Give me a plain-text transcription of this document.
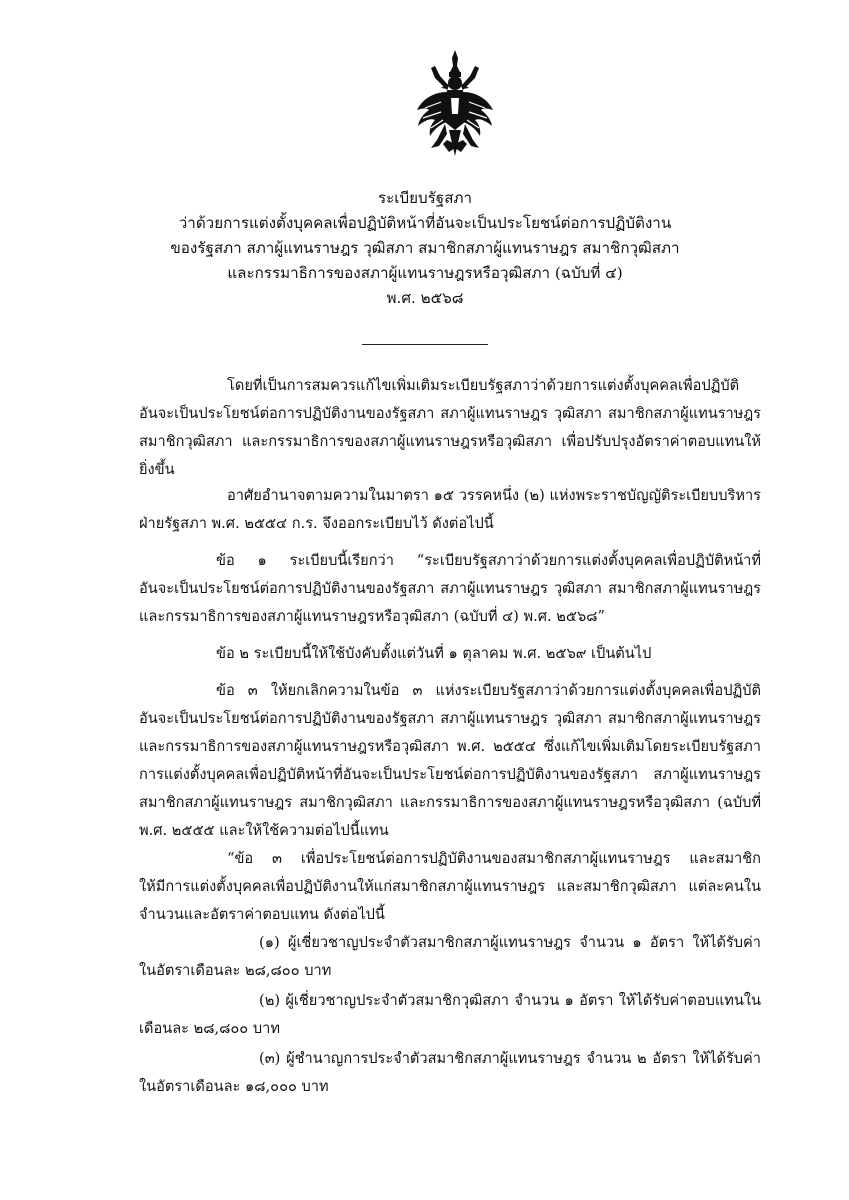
ระเบียบรัฐสภา
ว่าด้วยการแต่งตั้งบุคคลเพื่อปฏิบัติหน้าที่อันจะเป็นประโยชน์ต่อการปฏิบัติงาน
ของรัฐสภา สภาผู้แทนราษฎร วุฒิสภา สมาชิกสภาผู้แทนราษฎร สมาชิกวุฒิสภา
และกรรมาธิการของสภาผู้แทนราษฎรหรือวุฒิสภา (ฉบับที่ ๔)
พ.ศ. ๒๕๖๘
โดยที่เป็นการสมควรแก้ไขเพิ่มเติมระเบียบรัฐสภาว่าด้วยการแต่งตั้งบุคคลเพื่อปฏิบัติ
อันจะเป็นประโยชน์ต่อการปฏิบัติงานของรัฐสภา สภาผู้แทนราษฎร วุฒิสภา สมาชิกสภาผู้แทนราษฎร
สมาชิกวุฒิสภา และกรรมาธิการของสภาผู้แทนราษฎรหรือวุฒิสภา เพื่อปรับปรุงอัตราค่าตอบแทนให้
ยิ่งขึ้น
อาศัยอำนาจตามความในมาตรา ๑๕ วรรคหนึ่ง (๒) แห่งพระราชบัญญัติระเบียบบริหาร
ฝ่ายรัฐสภา พ.ศ. ๒๕๕๔ ก.ร. จึงออกระเบียบไว้ ดังต่อไปนี้
ข้อ ๑ ระเบียบนี้เรียกว่า “ระเบียบรัฐสภาว่าด้วยการแต่งตั้งบุคคลเพื่อปฏิบัติหน้าที่
อันจะเป็นประโยชน์ต่อการปฏิบัติงานของรัฐสภา สภาผู้แทนราษฎร วุฒิสภา สมาชิกสภาผู้แทนราษฎร
และกรรมาธิการของสภาผู้แทนราษฎรหรือวุฒิสภา (ฉบับที่ ๔) พ.ศ. ๒๕๖๘”
ข้อ ๒ ระเบียบนี้ให้ใช้บังคับตั้งแต่วันที่ ๑ ตุลาคม พ.ศ. ๒๕๖๙ เป็นต้นไป
ข้อ ๓ ให้ยกเลิกความในข้อ ๓ แห่งระเบียบรัฐสภาว่าด้วยการแต่งตั้งบุคคลเพื่อปฏิบัติ
อันจะเป็นประโยชน์ต่อการปฏิบัติงานของรัฐสภา สภาผู้แทนราษฎร วุฒิสภา สมาชิกสภาผู้แทนราษฎร
และกรรมาธิการของสภาผู้แทนราษฎรหรือวุฒิสภา พ.ศ. ๒๕๕๔ ซึ่งแก้ไขเพิ่มเติมโดยระเบียบรัฐสภา
การแต่งตั้งบุคคลเพื่อปฏิบัติหน้าที่อันจะเป็นประโยชน์ต่อการปฏิบัติงานของรัฐสภา สภาผู้แทนราษฎร
สมาชิกสภาผู้แทนราษฎร สมาชิกวุฒิสภา และกรรมาธิการของสภาผู้แทนราษฎรหรือวุฒิสภา (ฉบับที่
พ.ศ. ๒๕๕๕ และให้ใช้ความต่อไปนี้แทน
“ข้อ ๓ เพื่อประโยชน์ต่อการปฏิบัติงานของสมาชิกสภาผู้แทนราษฎร และสมาชิก
ให้มีการแต่งตั้งบุคคลเพื่อปฏิบัติงานให้แก่สมาชิกสภาผู้แทนราษฎร และสมาชิกวุฒิสภา แต่ละคนใน
จำนวนและอัตราค่าตอบแทน ดังต่อไปนี้
(๑) ผู้เชี่ยวชาญประจำตัวสมาชิกสภาผู้แทนราษฎร จำนวน ๑ อัตรา ให้ได้รับค่า
ในอัตราเดือนละ ๒๘,๘๐๐ บาท
(๒) ผู้เชี่ยวชาญประจำตัวสมาชิกวุฒิสภา จำนวน ๑ อัตรา ให้ได้รับค่าตอบแทนใน
เดือนละ ๒๘,๘๐๐ บาท
(๓) ผู้ชำนาญการประจำตัวสมาชิกสภาผู้แทนราษฎร จำนวน ๒ อัตรา ให้ได้รับค่า
ในอัตราเดือนละ ๑๘,๐๐๐ บาท
